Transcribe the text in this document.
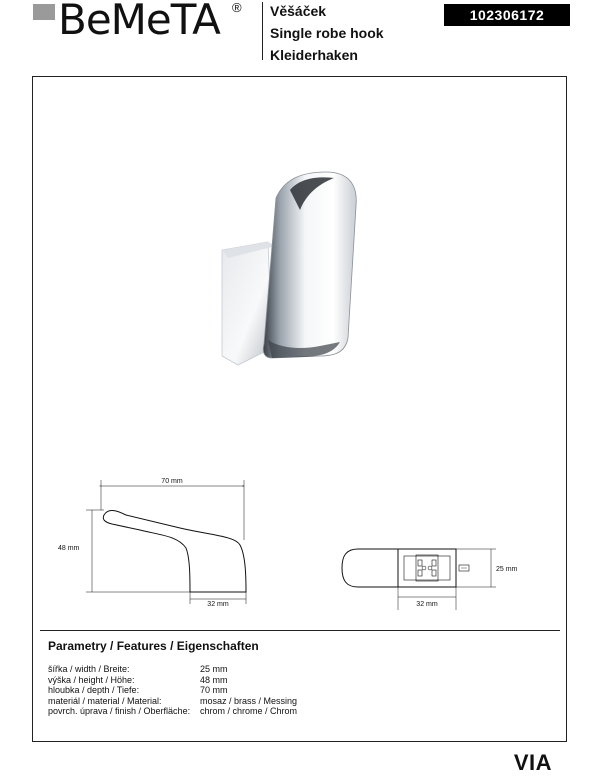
BeMeTA ® Věšáček
Single robe hook
Kleiderhaken
102306172
70 mm
48 mm
32 mm
25 mm
32 mm
Parametry / Features / Eigenschaften
šířka / width / Breite:	25 mm
výška / height / Höhe:	48 mm
hloubka / depth / Tiefe:	70 mm
materiál / material / Material:	mosaz / brass / Messing
povrch. úprava / finish / Oberfläche:	chrom / chrome / Chrom
VIA
